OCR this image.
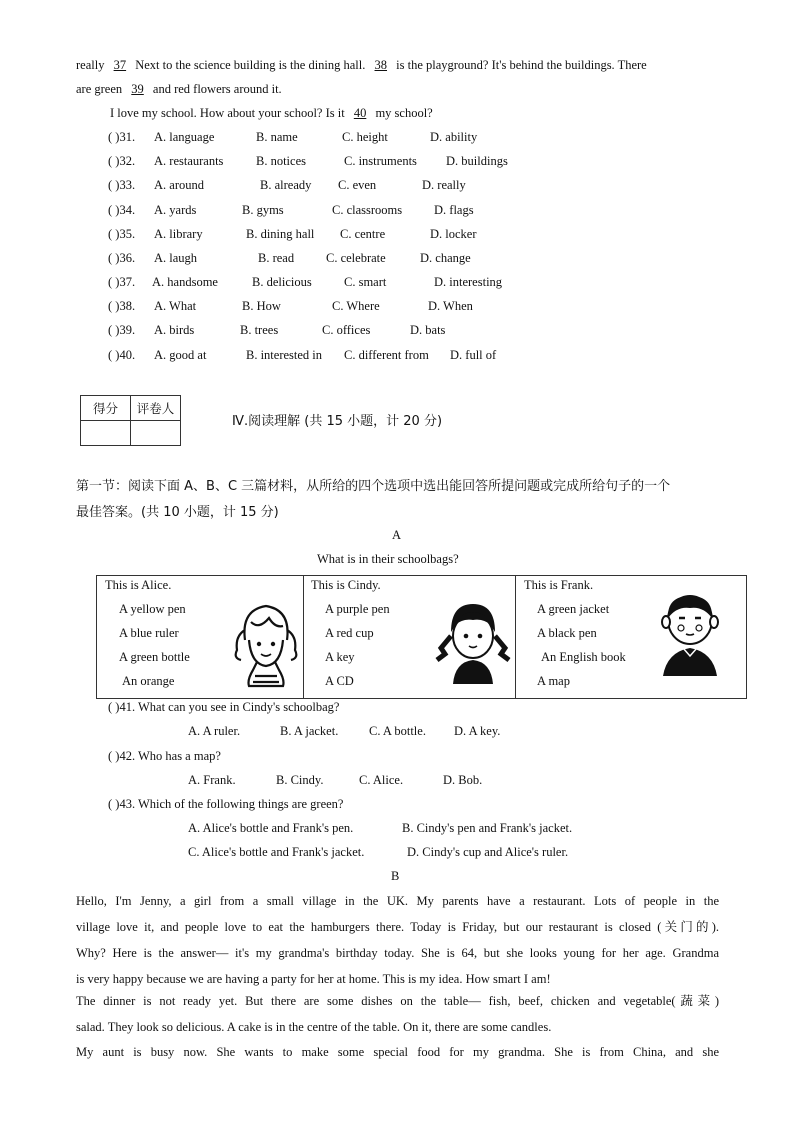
really 37 Next to the science building is the dining hall. 38 is the playground? It's behind the buildings. There
are green 39 and red flowers around it.
I love my school. How about your school? Is it 40 my school?
( )31. A. language	B. name	C. height	D. ability
( )32. A. restaurants	B. notices	C. instruments D. buildings
( )33. A. around	B. already C. even	D. really
( )34. A. yards	B. gyms	C. classrooms	D. flags
( )35. A. library	B. dining hall C. centre	D. locker
( )36. A. laugh	B. read	C. celebrate	D. change
( )37. A. handsome	B. delicious	C. smart	D. interesting
( )38. A. What	B. How	C. Where	D. When
( )39. A. birds	B. trees	C. offices	D. bats
( )40. A. good at	B. interested in C. different from D. full of
得分	评卷人

Ⅳ.阅读理解 (共 15 小题，计 20 分)
第一节：阅读下面 A、B、C 三篇材料，从所给的四个选项中选出能回答所提问题或完成所给句子的一个
最佳答案。(共 10 小题，计 15 分)
A
What is in their schoolbags?
This is Alice.
A yellow pen
A blue ruler
A green bottle
An orange
This is Cindy.
A purple pen
A red cup
A key
A CD
This is Frank.
A green jacket
A black pen
An English book
A map
( )41. What can you see in Cindy's schoolbag?
A. A ruler.	B. A jacket. C. A bottle. D. A key.
( )42. Who has a map?
A. Frank.	B. Cindy.	C. Alice.	D. Bob.
( )43. Which of the following things are green?
A. Alice's bottle and Frank's pen.	B. Cindy's pen and Frank's jacket.
C. Alice's bottle and Frank's jacket.	D. Cindy's cup and Alice's ruler.
B
Hello, I'm Jenny, a girl from a small village in the UK. My parents have a restaurant. Lots of people in the
village love it, and people love to eat the hamburgers there. Today is Friday, but our restaurant is closed (关门的).
Why? Here is the answer— it's my grandma's birthday today. She is 64, but she looks young for her age. Grandma
is very happy because we are having a party for her at home. This is my idea. How smart I am!
The dinner is not ready yet. But there are some dishes on the table— fish, beef, chicken and vegetable(蔬菜)
salad. They look so delicious. A cake is in the centre of the table. On it, there are some candles.
My aunt is busy now. She wants to make some special food for my grandma. She is from China, and she
